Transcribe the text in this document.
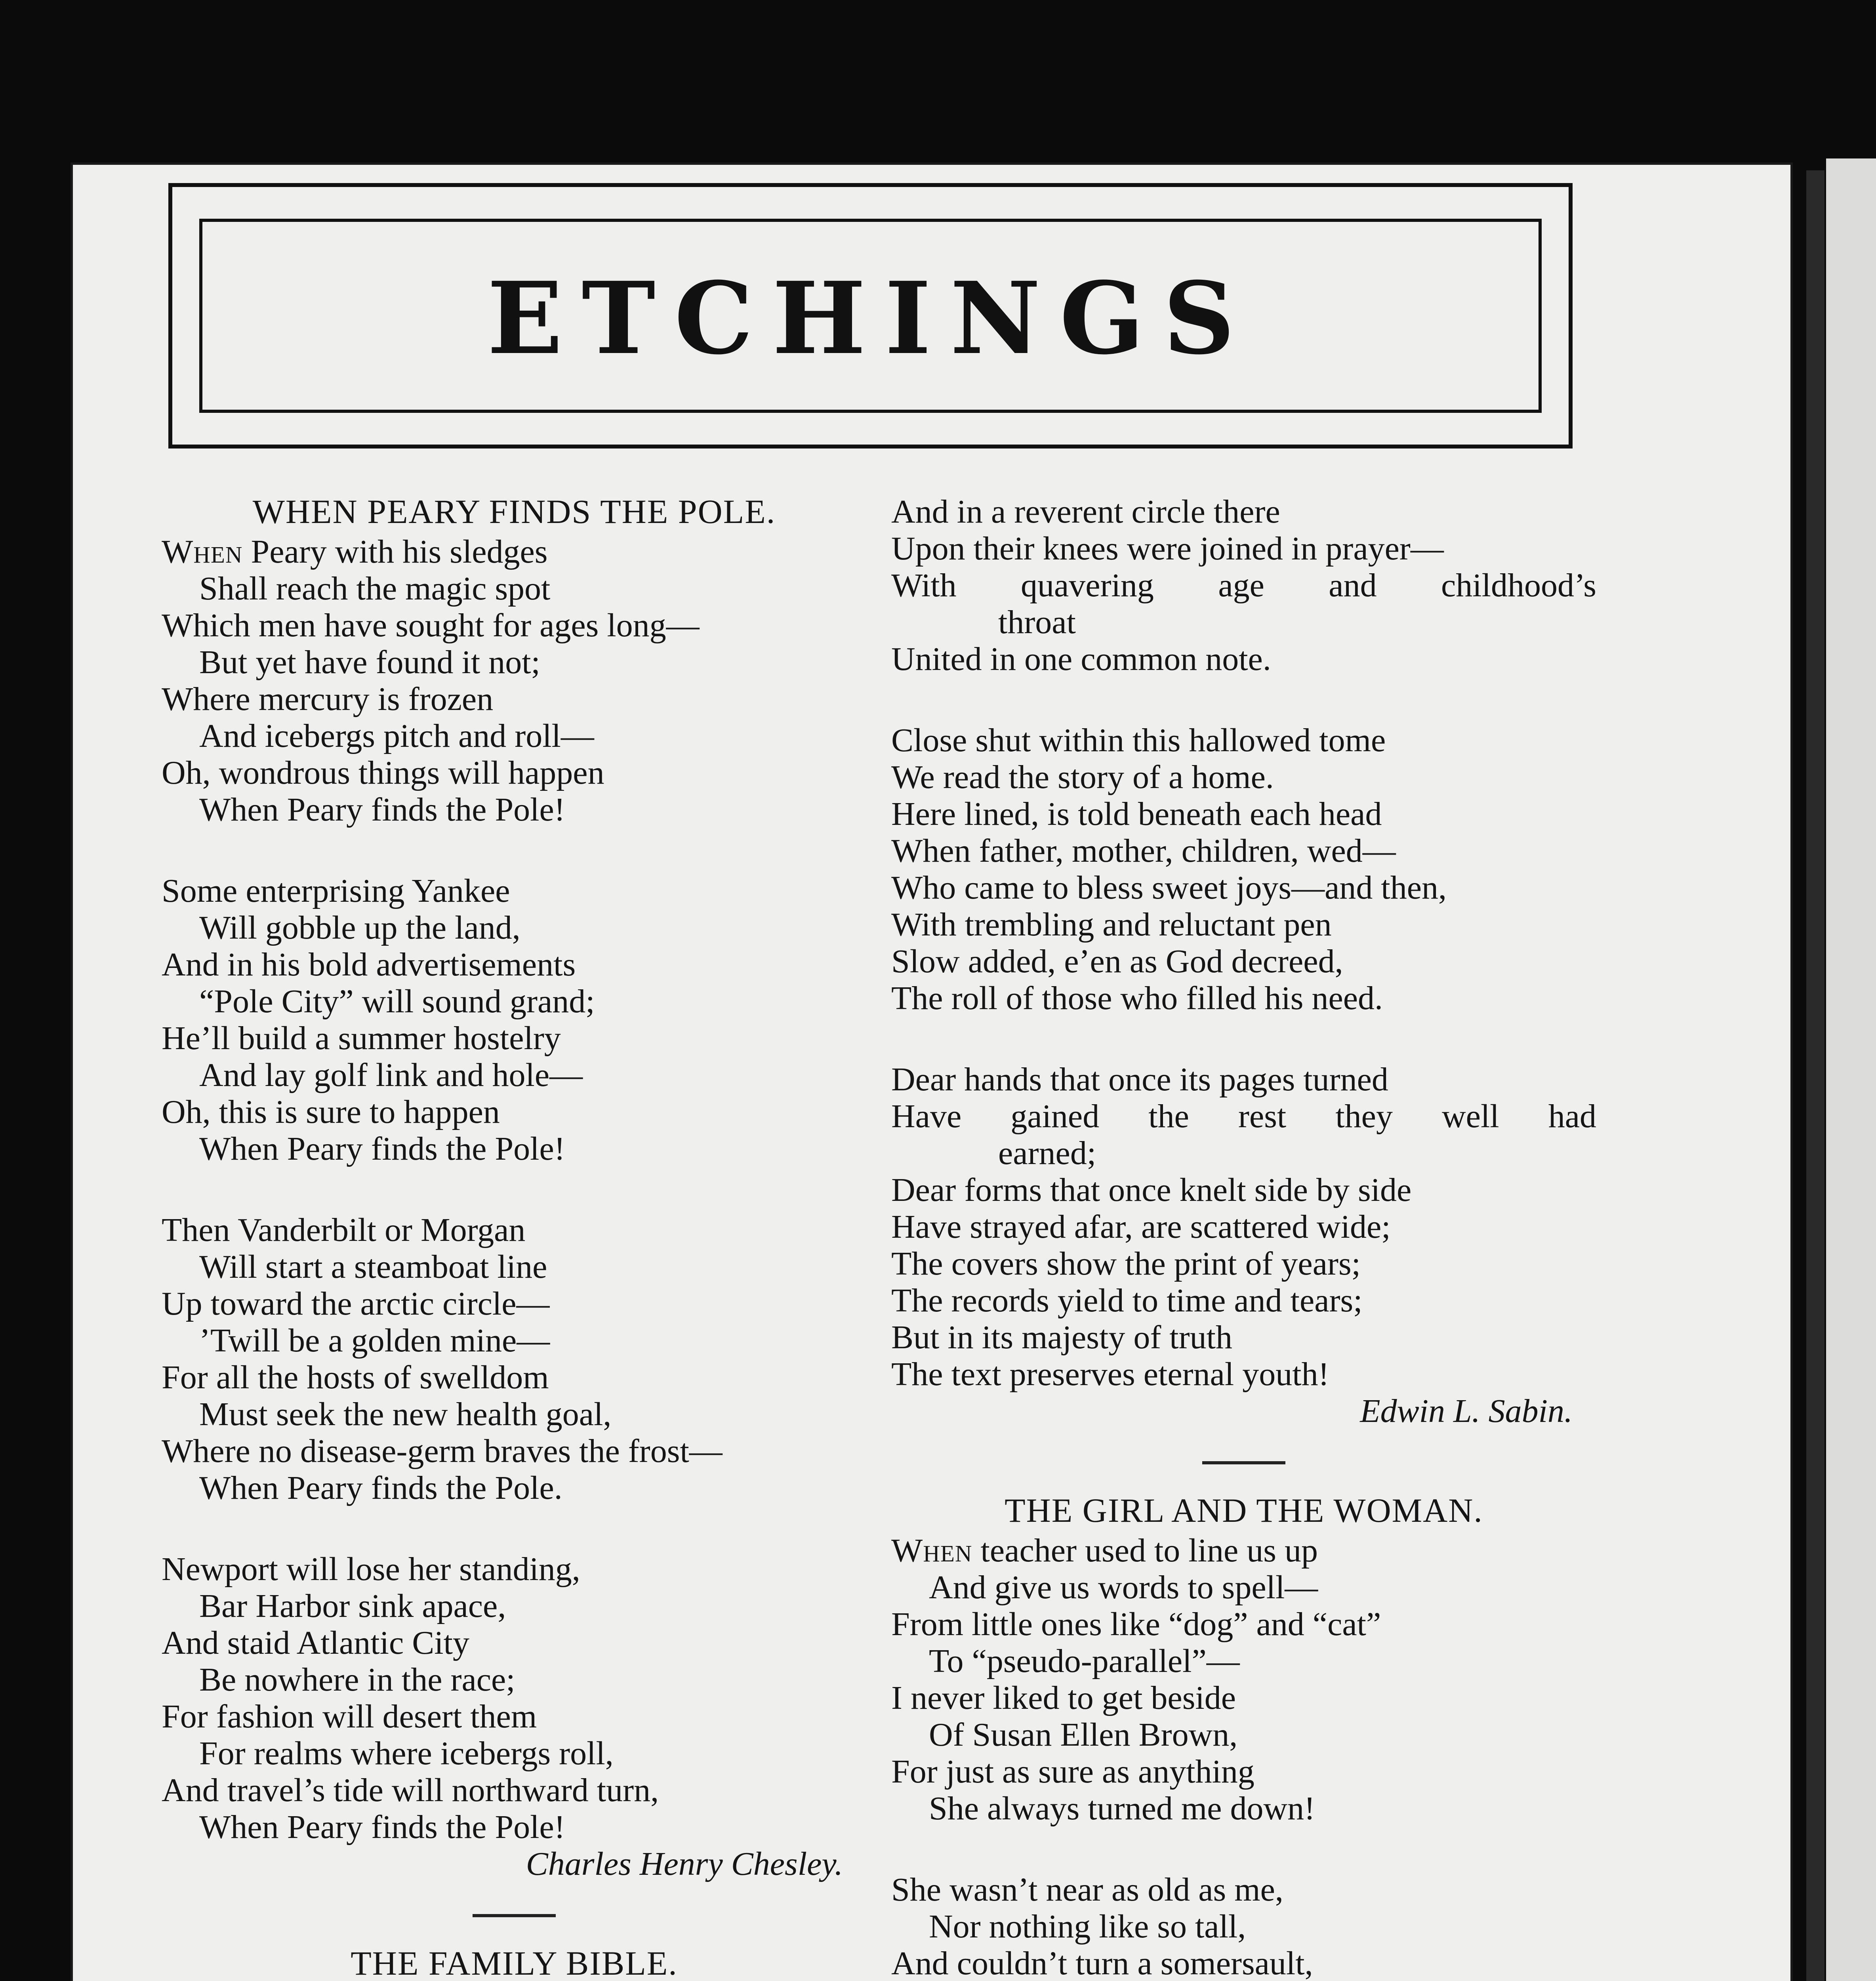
ETCHINGS
WHEN PEARY FINDS THE POLE.
When Peary with his sledges
Shall reach the magic spot
Which men have sought for ages long—
But yet have found it not;
Where mercury is frozen
And icebergs pitch and roll—
Oh, wondrous things will happen
When Peary finds the Pole!
Some enterprising Yankee
Will gobble up the land,
And in his bold advertisements
“Pole City” will sound grand;
He’ll build a summer hostelry
And lay golf link and hole—
Oh, this is sure to happen
When Peary finds the Pole!
Then Vanderbilt or Morgan
Will start a steamboat line
Up toward the arctic circle—
’Twill be a golden mine—
For all the hosts of swelldom
Must seek the new health goal,
Where no disease-germ braves the frost—
When Peary finds the Pole.
Newport will lose her standing,
Bar Harbor sink apace,
And staid Atlantic City
Be nowhere in the race;
For fashion will desert them
For realms where icebergs roll,
And travel’s tide will northward turn,
When Peary finds the Pole!
Charles Henry Chesley.
THE FAMILY BIBLE.
And in a reverent circle there
Upon their knees were joined in prayer—
With quavering age and childhood’s
throat
United in one common note.
Close shut within this hallowed tome
We read the story of a home.
Here lined, is told beneath each head
When father, mother, children, wed—
Who came to bless sweet joys—and then,
With trembling and reluctant pen
Slow added, e’en as God decreed,
The roll of those who filled his need.
Dear hands that once its pages turned
Have gained the rest they well had
earned;
Dear forms that once knelt side by side
Have strayed afar, are scattered wide;
The covers show the print of years;
The records yield to time and tears;
But in its majesty of truth
The text preserves eternal youth!
Edwin L. Sabin.
THE GIRL AND THE WOMAN.
When teacher used to line us up
And give us words to spell—
From little ones like “dog” and “cat”
To “pseudo-parallel”—
I never liked to get beside
Of Susan Ellen Brown,
For just as sure as anything
She always turned me down!
She wasn’t near as old as me,
Nor nothing like so tall,
And couldn’t turn a somersault,
